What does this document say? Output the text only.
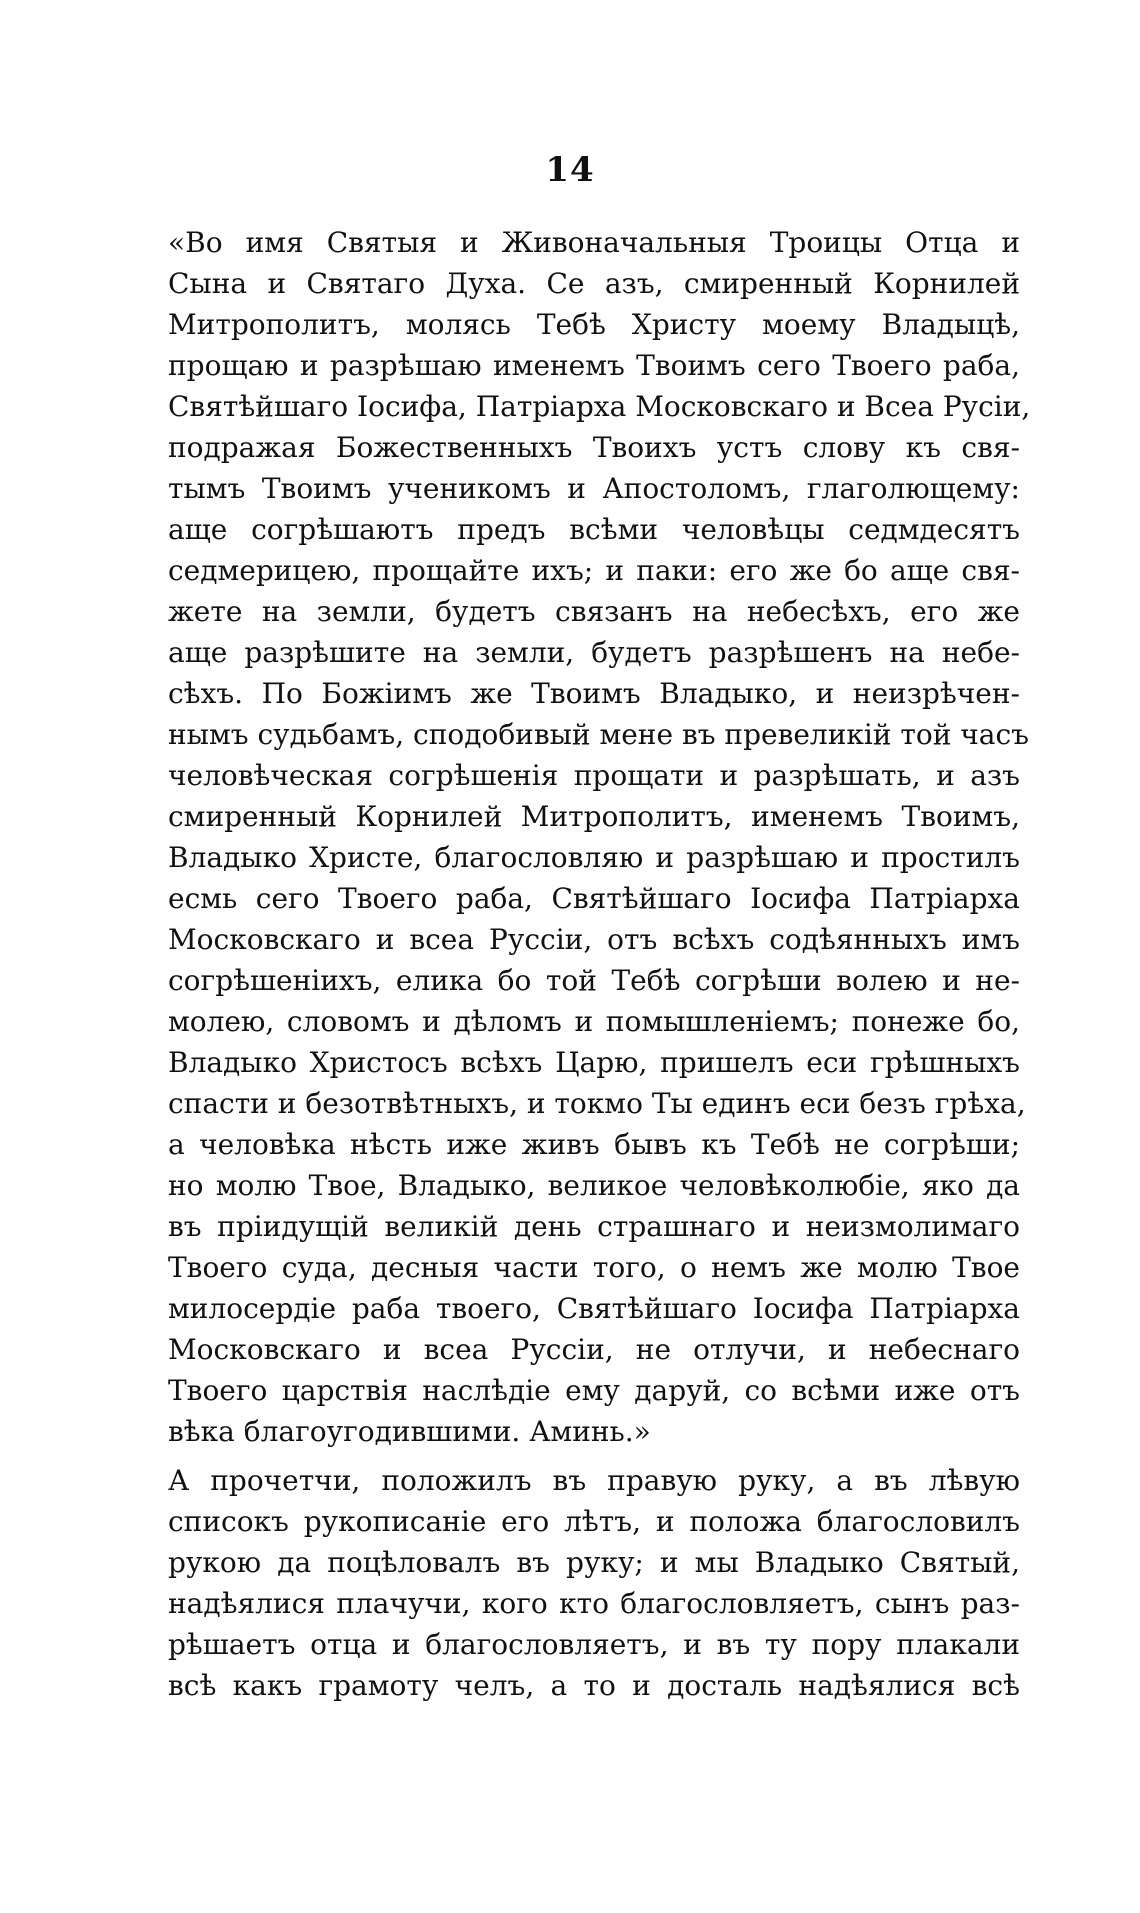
14
«Во имя Святыя и Живоначальныя Троицы Отца и
Сына и Святаго Духа. Се азъ, смиренный Корнилей
Митрополитъ, молясь Тебѣ Христу моему Владыцѣ,
прощаю и разрѣшаю именемъ Твоимъ сего Твоего раба,
Святѣйшаго Іосифа, Патріарха Московскаго и Всеа Русіи,
подражая Божественныхъ Твоихъ устъ слову къ свя-
тымъ Твоимъ ученикомъ и Апостоломъ, глаголющему:
аще согрѣшаютъ предъ всѣми человѣцы седмдесятъ
седмерицею, прощайте ихъ; и паки: его же бо аще свя-
жете на земли, будетъ связанъ на небесѣхъ, его же
аще разрѣшите на земли, будетъ разрѣшенъ на небе-
сѣхъ. По Божіимъ же Твоимъ Владыко, и неизрѣчен-
нымъ судьбамъ, сподобивый мене въ превеликій той часъ
человѣческая согрѣшенія прощати и разрѣшать, и азъ
смиренный Корнилей Митрополитъ, именемъ Твоимъ,
Владыко Христе, благословляю и разрѣшаю и простилъ
есмь сего Твоего раба, Святѣйшаго Іосифа Патріарха
Московскаго и всеа Руссіи, отъ всѣхъ содѣянныхъ имъ
согрѣшеніихъ, елика бо той Тебѣ согрѣши волею и не-
молею, словомъ и дѣломъ и помышленіемъ; понеже бо,
Владыко Христосъ всѣхъ Царю, пришелъ еси грѣшныхъ
спасти и безотвѣтныхъ, и токмо Ты единъ еси безъ грѣха,
а человѣка нѣсть иже живъ бывъ къ Тебѣ не согрѣши;
но молю Твое, Владыко, великое человѣколюбіе, яко да
въ пріидущій великій день страшнаго и неизмолимаго
Твоего суда, десныя части того, о немъ же молю Твое
милосердіе раба твоего, Святѣйшаго Іосифа Патріарха
Московскаго и всеа Руссіи, не отлучи, и небеснаго
Твоего царствія наслѣдіе ему даруй, со всѣми иже отъ
вѣка благоугодившими. Аминь.»
А прочетчи, положилъ въ правую руку, а въ лѣвую
списокъ рукописаніе его лѣтъ, и положа благословилъ
рукою да поцѣловалъ въ руку; и мы Владыко Святый,
надѣялися плачучи, кого кто благословляетъ, сынъ раз-
рѣшаетъ отца и благословляетъ, и въ ту пору плакали
всѣ какъ грамоту челъ, а то и досталь надѣялися всѣ
